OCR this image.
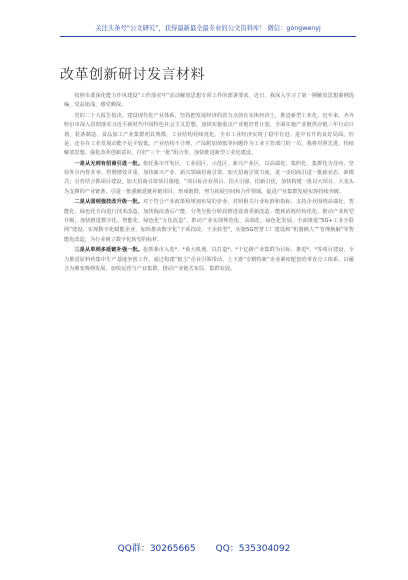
关注头条号“公文研究”，获得最新最全最专业的公文资料库！ 微信：gongwenyj
改革创新研讨发言材料

按照市委深化能力作风建设“工作落实年”活动解放思想专项工作的部署要求，近日，我深入学习了第一期解放思想案例选编，受益匪浅、感受颇深。

党的二十大报告指出，建设现代化产业体系，坚持把发展经济的着力点放在实体经济上，推进新型工业化。近年来，齐齐哈尔市深入贯彻落实习近平新时代中国特色社会主义思想，加快实施重点产业链培育计划，全面实施产业链供应链三年行动计划，装备制造、食品加工产业集群初具规模，工业结构持续优化，全市工业经济实现了稳中有进、进中有升的良好局面。但是，还存在工业发展动能不足平较低、产业结构不合理、产品附加值低等问题作为工业主管部门的一员，我将对照先进，持续解放思想，强化改革创新意识，打好“三个一批”组合拳，加快推进新型工业化建设。

一是从无到有招商引进一批。依托我市开发区、工业园区、示范区、新兴产业区，以高端化、集约化、集群化为导向，坚持外引内育并举、控增增效并重，加快新兴产业、新兴领域招商引资，加大招商引资力度，进一步招商引进一批新业态、新模式；引育结合抓项目建设，加大招商引资项目落地、“项目标企业项目、招大引强、招新引优，加快构建一批以大项目、大龙头为支撑的产业链条，引进一批强链延链补链项目，形成链群，努力拓展空间和合作领域，促进产业集群发展实现持续突破。

二是从弱到强技改升级一批。对于符合产业政策和规划布局的企业，对照相关行业标准和指标，支持企业围绕高端化、智能化、绿色化方向进行技术改造，加快淘汰落后产能，分类分批分阶段推进设备更新改造、能耗消耗结构优化，推动产业转型升级，加快推进数字化、智能化、绿色化“五化改造”，推动产业实现规范化、高端化、绿色化发展。全面推进“5G+工业互联网”建设，实现数字化赋能企业，加快推动数字化“千项技改、千企转型”，实施5G智慧工厂建设和“机器换人”“管理换脑”等智能化改造，为行业树立数字化转型的标杆。

三是从单到多延链补强一批。抢抓我市入选*、*重大机遇，以打造*、*千亿级产业集群为目标，推进*、*等项目建设，全力推进原料药集中生产基地争创工作，通过构建“链主”企业引领带动、上下游“专精特新”企业紧密配套的垂直分工体系，以融合为聚变吸纳发展，加快民营与产业集群，推动产业链式布局、集群发展。

QQ群：30265665 QQ：535304092
